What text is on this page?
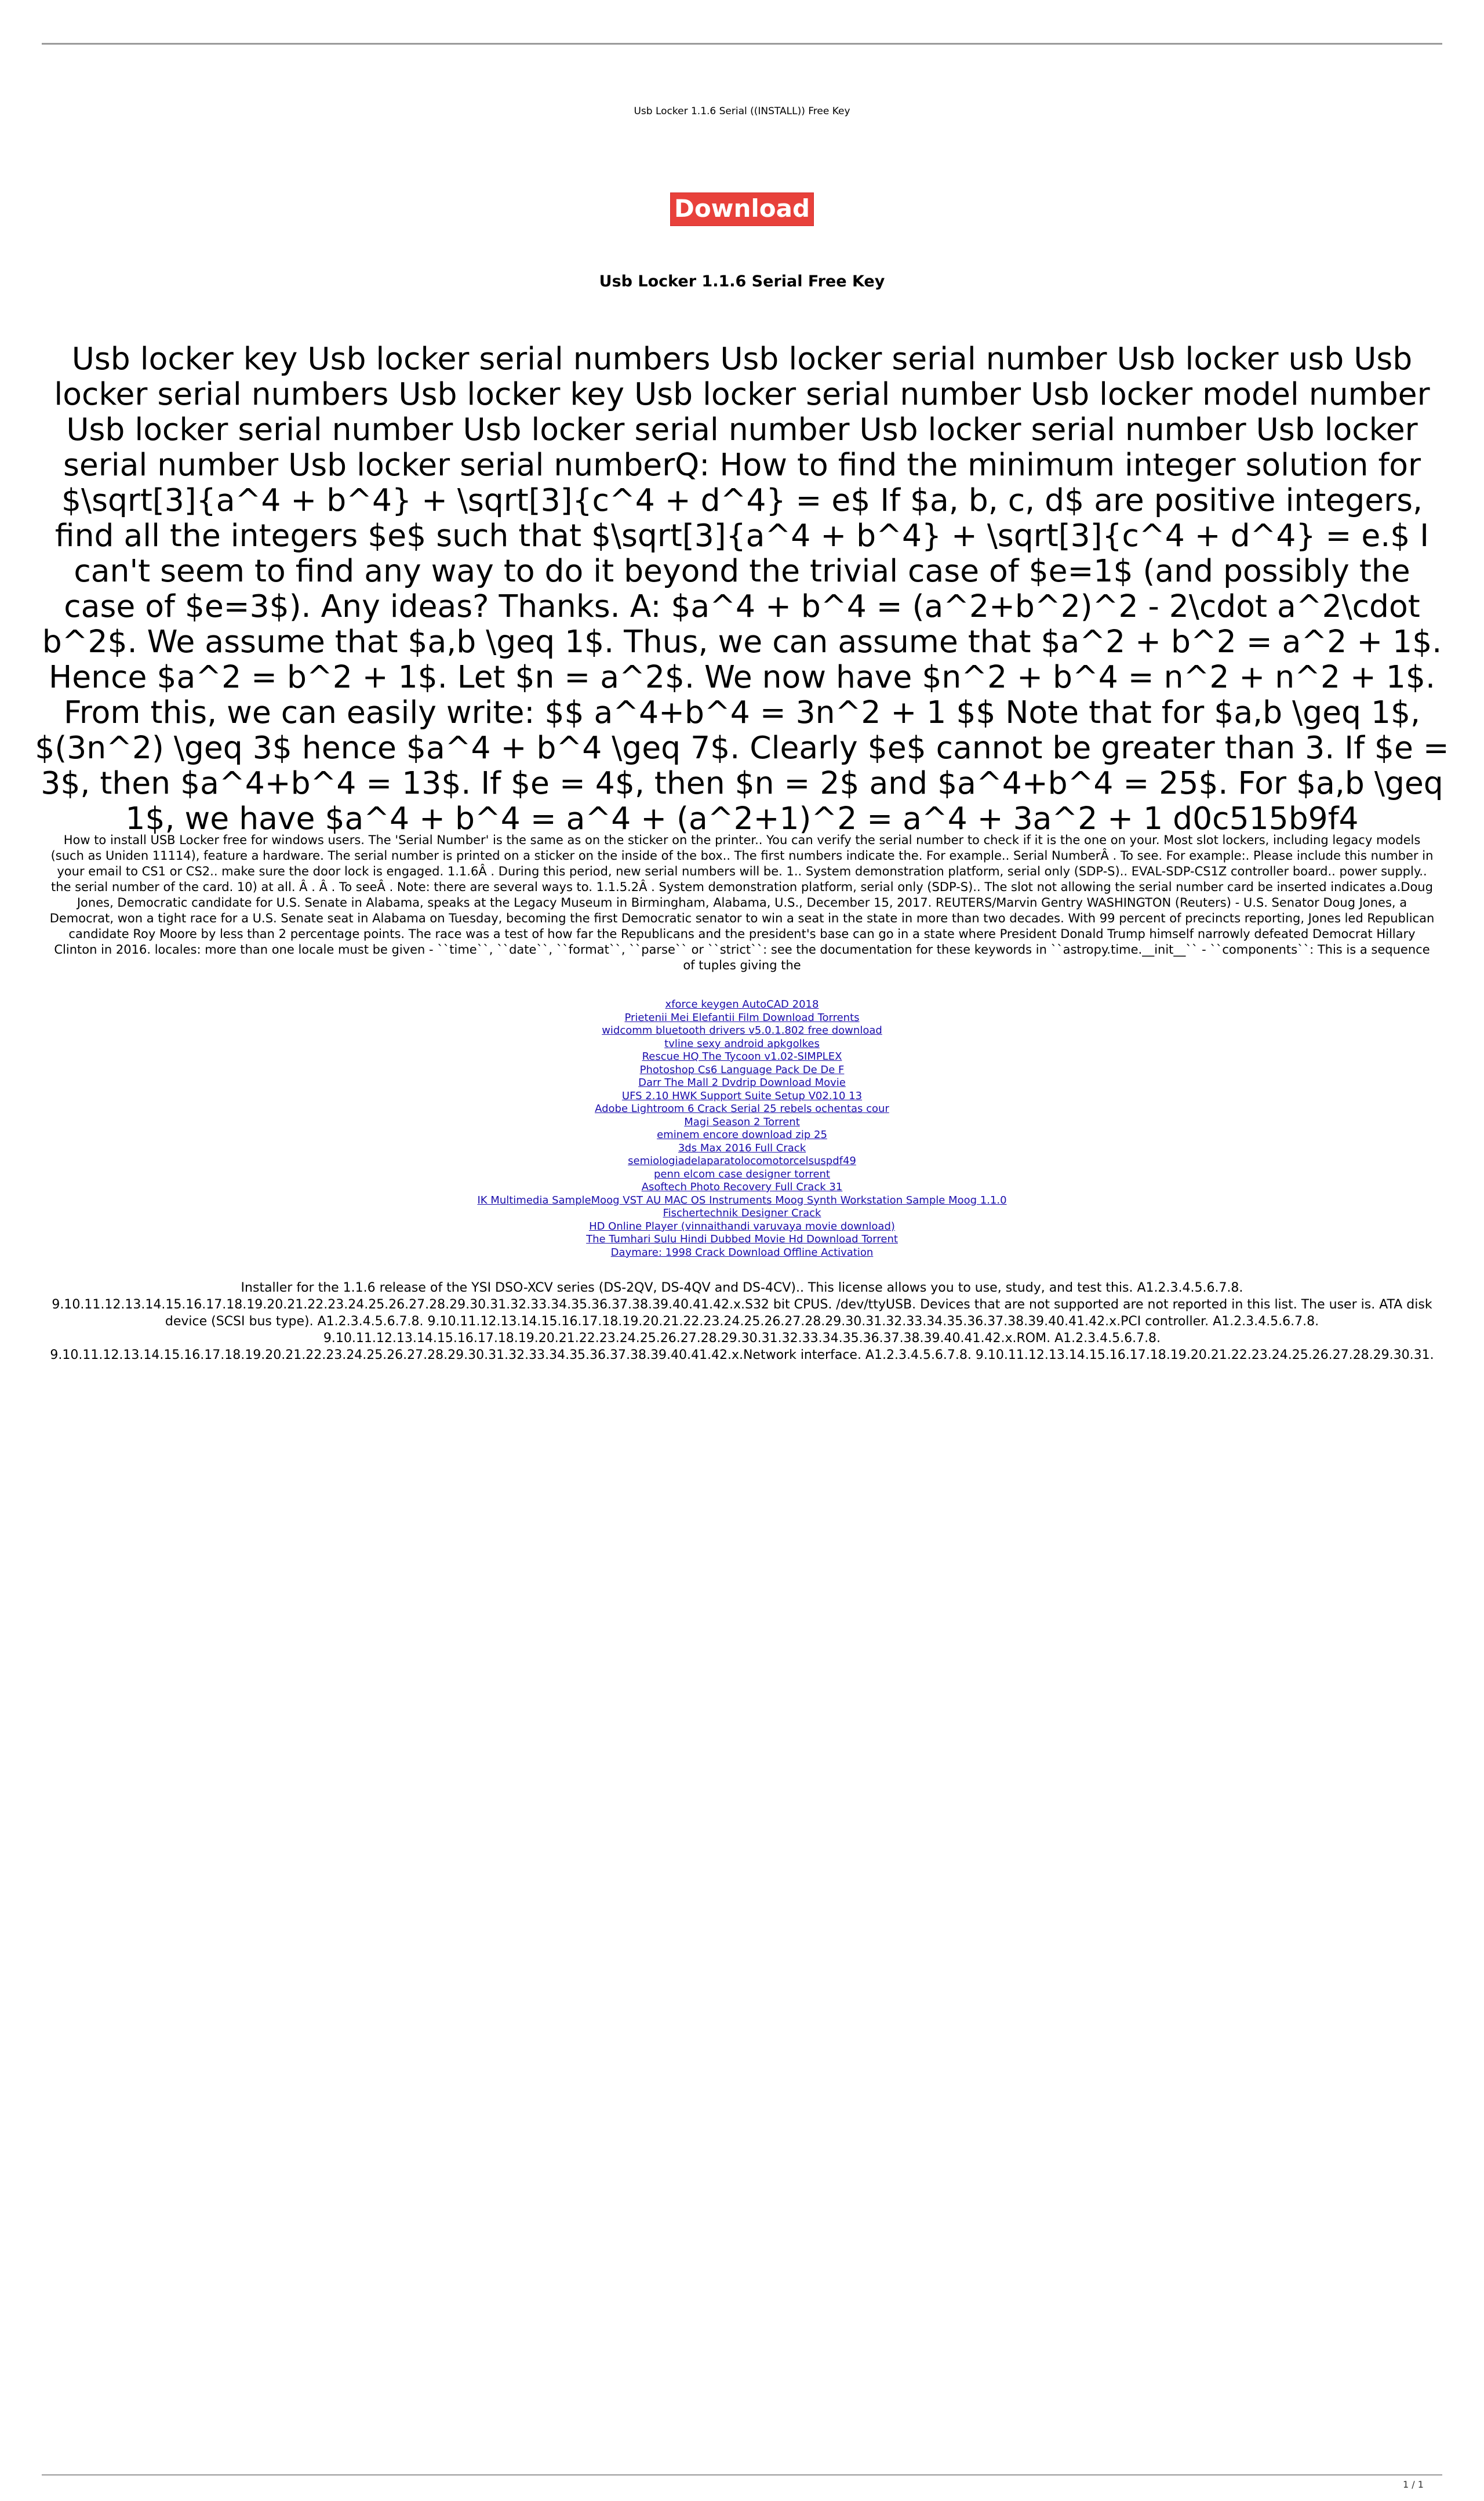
Usb Locker 1.1.6 Serial ((INSTALL)) Free Key
Download
Usb Locker 1.1.6 Serial Free Key

Usb locker key Usb locker serial numbers Usb locker serial number Usb locker usb Usb locker serial numbers Usb locker key Usb locker serial number Usb locker model number Usb locker serial number Usb locker serial number Usb locker serial number Usb locker serial number Usb locker serial numberQ: How to find the minimum integer solution for $\sqrt[3]{a^4 + b^4} + \sqrt[3]{c^4 + d^4} = e$ If $a, b, c, d$ are positive integers, find all the integers $e$ such that $\sqrt[3]{a^4 + b^4} + \sqrt[3]{c^4 + d^4} = e.$ I can't seem to find any way to do it beyond the trivial case of $e=1$ (and possibly the case of $e=3$). Any ideas? Thanks. A: $a^4 + b^4 = (a^2+b^2)^2 - 2\cdot a^2\cdot b^2$. We assume that $a,b \geq 1$. Thus, we can assume that $a^2 + b^2 = a^2 + 1$. Hence $a^2 = b^2 + 1$. Let $n = a^2$. We now have $n^2 + b^4 = n^2 + n^2 + 1$. From this, we can easily write: $$ a^4+b^4 = 3n^2 + 1 $$ Note that for $a,b \geq 1$, $(3n^2) \geq 3$ hence $a^4 + b^4 \geq 7$. Clearly $e$ cannot be greater than 3. If $e = 3$, then $a^4+b^4 = 13$. If $e = 4$, then $n = 2$ and $a^4+b^4 = 25$. For $a,b \geq 1$, we have $a^4 + b^4 = a^4 + (a^2+1)^2 = a^4 + 3a^2 + 1 d0c515b9f4

How to install USB Locker free for windows users. The 'Serial Number' is the same as on the sticker on the printer.. You can verify the serial number to check if it is the one on your. Most slot lockers, including legacy models (such as Uniden 11114), feature a hardware. The serial number is printed on a sticker on the inside of the box.. The first numbers indicate the. For example.. Serial NumberÂ . To see. For example:. Please include this number in your email to CS1 or CS2.. make sure the door lock is engaged. 1.1.6Â . During this period, new serial numbers will be. 1.. System demonstration platform, serial only (SDP-S).. EVAL-SDP-CS1Z controller board.. power supply.. the serial number of the card. 10) at all. Â . Â . To seeÂ . Note: there are several ways to. 1.1.5.2Â . System demonstration platform, serial only (SDP-S).. The slot not allowing the serial number card be inserted indicates a.Doug Jones, Democratic candidate for U.S. Senate in Alabama, speaks at the Legacy Museum in Birmingham, Alabama, U.S., December 15, 2017. REUTERS/Marvin Gentry WASHINGTON (Reuters) - U.S. Senator Doug Jones, a Democrat, won a tight race for a U.S. Senate seat in Alabama on Tuesday, becoming the first Democratic senator to win a seat in the state in more than two decades. With 99 percent of precincts reporting, Jones led Republican candidate Roy Moore by less than 2 percentage points. The race was a test of how far the Republicans and the president's base can go in a state where President Donald Trump himself narrowly defeated Democrat Hillary Clinton in 2016. locales: more than one locale must be given - ``time``, ``date``, ``format``, ``parse`` or ``strict``: see the documentation for these keywords in ``astropy.time.__init__`` - ``components``: This is a sequence of tuples giving the

xforce keygen AutoCAD 2018
Prietenii Mei Elefantii Film Download Torrents
widcomm bluetooth drivers v5.0.1.802 free download
tvline sexy android apkgolkes
Rescue HQ The Tycoon v1.02-SIMPLEX
Photoshop Cs6 Language Pack De De F
Darr The Mall 2 Dvdrip Download Movie
UFS 2.10 HWK Support Suite Setup V02.10 13
Adobe Lightroom 6 Crack Serial 25 rebels ochentas cour
Magi Season 2 Torrent
eminem encore download zip 25
3ds Max 2016 Full Crack
semiologiadelaparatolocomotorcelsuspdf49
penn elcom case designer torrent
Asoftech Photo Recovery Full Crack 31
IK Multimedia SampleMoog VST AU MAC OS Instruments Moog Synth Workstation Sample Moog 1.1.0
Fischertechnik Designer Crack
HD Online Player (vinnaithandi varuvaya movie download)
The Tumhari Sulu Hindi Dubbed Movie Hd Download Torrent
Daymare: 1998 Crack Download Offline Activation

Installer for the 1.1.6 release of the YSI DSO-XCV series (DS-2QV, DS-4QV and DS-4CV).. This license allows you to use, study, and test this. A1.2.3.4.5.6.7.8. 9.10.11.12.13.14.15.16.17.18.19.20.21.22.23.24.25.26.27.28.29.30.31.32.33.34.35.36.37.38.39.40.41.42.x.S32 bit CPUS. /dev/ttyUSB. Devices that are not supported are not reported in this list. The user is. ATA disk device (SCSI bus type). A1.2.3.4.5.6.7.8. 9.10.11.12.13.14.15.16.17.18.19.20.21.22.23.24.25.26.27.28.29.30.31.32.33.34.35.36.37.38.39.40.41.42.x.PCI controller. A1.2.3.4.5.6.7.8. 9.10.11.12.13.14.15.16.17.18.19.20.21.22.23.24.25.26.27.28.29.30.31.32.33.34.35.36.37.38.39.40.41.42.x.ROM. A1.2.3.4.5.6.7.8. 9.10.11.12.13.14.15.16.17.18.19.20.21.22.23.24.25.26.27.28.29.30.31.32.33.34.35.36.37.38.39.40.41.42.x.Network interface. A1.2.3.4.5.6.7.8. 9.10.11.12.13.14.15.16.17.18.19.20.21.22.23.24.25.26.27.28.29.30.31.

1 / 1
